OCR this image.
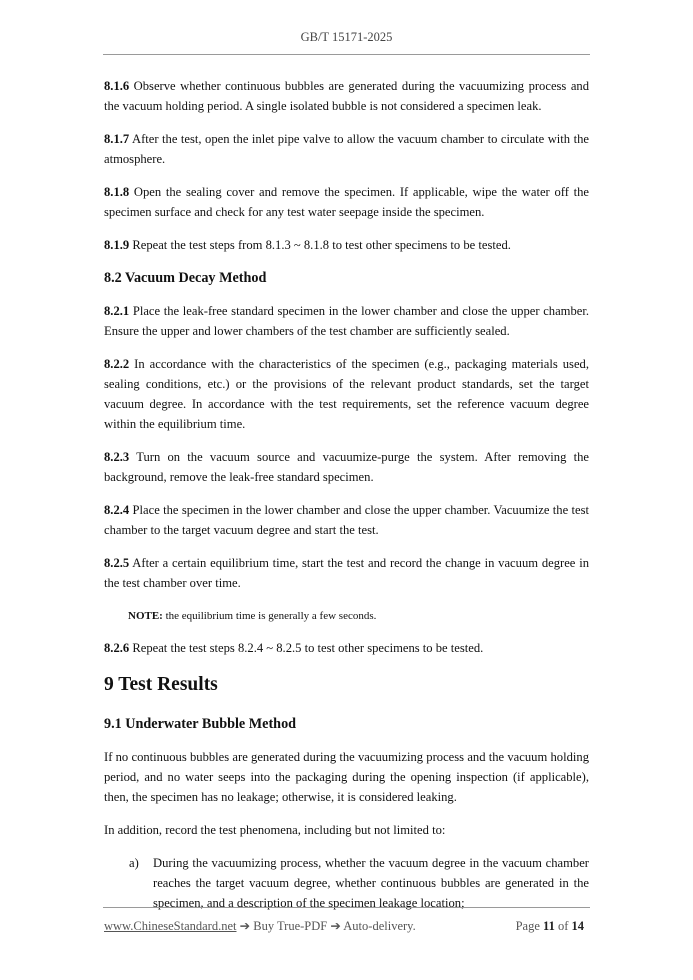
GB/T 15171-2025

8.1.6 Observe whether continuous bubbles are generated during the vacuumizing process and the vacuum holding period. A single isolated bubble is not considered a specimen leak.

8.1.7 After the test, open the inlet pipe valve to allow the vacuum chamber to circulate with the atmosphere.

8.1.8 Open the sealing cover and remove the specimen. If applicable, wipe the water off the specimen surface and check for any test water seepage inside the specimen.

8.1.9 Repeat the test steps from 8.1.3 ~ 8.1.8 to test other specimens to be tested.

8.2 Vacuum Decay Method

8.2.1 Place the leak-free standard specimen in the lower chamber and close the upper chamber. Ensure the upper and lower chambers of the test chamber are sufficiently sealed.

8.2.2 In accordance with the characteristics of the specimen (e.g., packaging materials used, sealing conditions, etc.) or the provisions of the relevant product standards, set the target vacuum degree. In accordance with the test requirements, set the reference vacuum degree within the equilibrium time.

8.2.3 Turn on the vacuum source and vacuumize-purge the system. After removing the background, remove the leak-free standard specimen.

8.2.4 Place the specimen in the lower chamber and close the upper chamber. Vacuumize the test chamber to the target vacuum degree and start the test.

8.2.5 After a certain equilibrium time, start the test and record the change in vacuum degree in the test chamber over time.

NOTE: the equilibrium time is generally a few seconds.

8.2.6 Repeat the test steps 8.2.4 ~ 8.2.5 to test other specimens to be tested.

9 Test Results
9.1 Underwater Bubble Method

If no continuous bubbles are generated during the vacuumizing process and the vacuum holding period, and no water seeps into the packaging during the opening inspection (if applicable), then, the specimen has no leakage; otherwise, it is considered leaking.

In addition, record the test phenomena, including but not limited to:

a) During the vacuumizing process, whether the vacuum degree in the vacuum chamber reaches the target vacuum degree, whether continuous bubbles are generated in the specimen, and a description of the specimen leakage location;
www.ChineseStandard.net ➔ Buy True-PDF ➔ Auto-delivery.	Page 11 of 14
